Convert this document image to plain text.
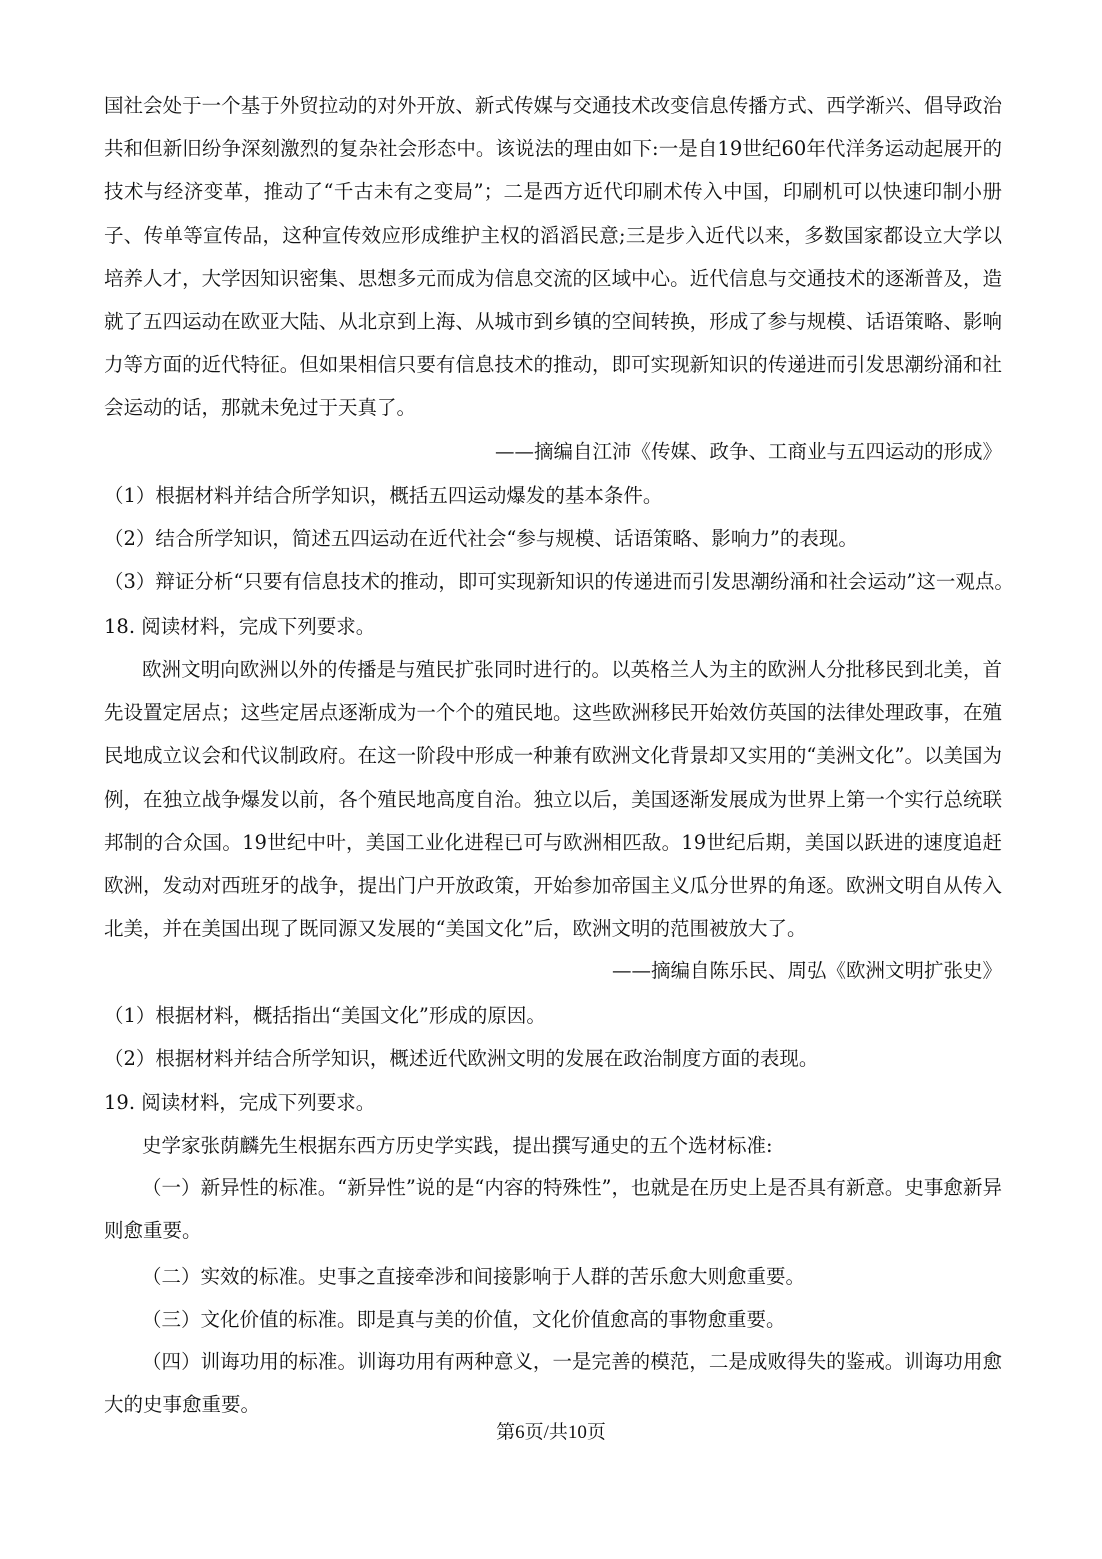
国社会处于一个基于外贸拉动的对外开放、新式传媒与交通技术改变信息传播方式、西学渐兴、倡导政治共和但新旧纷争深刻激烈的复杂社会形态中。该说法的理由如下:一是自19世纪60年代洋务运动起展开的技术与经济变革，推动了“千古未有之变局”；二是西方近代印刷术传入中国，印刷机可以快速印制小册子、传单等宣传品，这种宣传效应形成维护主权的滔滔民意;三是步入近代以来，多数国家都设立大学以培养人才，大学因知识密集、思想多元而成为信息交流的区域中心。近代信息与交通技术的逐渐普及，造就了五四运动在欧亚大陆、从北京到上海、从城市到乡镇的空间转换，形成了参与规模、话语策略、影响力等方面的近代特征。但如果相信只要有信息技术的推动，即可实现新知识的传递进而引发思潮纷涌和社会运动的话，那就未免过于天真了。

——摘编自江沛《传媒、政争、工商业与五四运动的形成》

（1）根据材料并结合所学知识，概括五四运动爆发的基本条件。

（2）结合所学知识，简述五四运动在近代社会“参与规模、话语策略、影响力”的表现。

（3）辩证分析“只要有信息技术的推动，即可实现新知识的传递进而引发思潮纷涌和社会运动”这一观点。

18. 阅读材料，完成下列要求。

欧洲文明向欧洲以外的传播是与殖民扩张同时进行的。以英格兰人为主的欧洲人分批移民到北美，首先设置定居点；这些定居点逐渐成为一个个的殖民地。这些欧洲移民开始效仿英国的法律处理政事，在殖民地成立议会和代议制政府。在这一阶段中形成一种兼有欧洲文化背景却又实用的“美洲文化”。以美国为例，在独立战争爆发以前，各个殖民地高度自治。独立以后，美国逐渐发展成为世界上第一个实行总统联邦制的合众国。19世纪中叶，美国工业化进程已可与欧洲相匹敌。19世纪后期，美国以跃进的速度追赶欧洲，发动对西班牙的战争，提出门户开放政策，开始参加帝国主义瓜分世界的角逐。欧洲文明自从传入北美，并在美国出现了既同源又发展的“美国文化”后，欧洲文明的范围被放大了。

——摘编自陈乐民、周弘《欧洲文明扩张史》

（1）根据材料，概括指出“美国文化”形成的原因。

（2）根据材料并结合所学知识，概述近代欧洲文明的发展在政治制度方面的表现。

19. 阅读材料，完成下列要求。

史学家张荫麟先生根据东西方历史学实践，提出撰写通史的五个选材标准:

（一）新异性的标准。“新异性”说的是“内容的特殊性”，也就是在历史上是否具有新意。史事愈新异则愈重要。

（二）实效的标准。史事之直接牵涉和间接影响于人群的苦乐愈大则愈重要。

（三）文化价值的标准。即是真与美的价值，文化价值愈高的事物愈重要。

（四）训诲功用的标准。训诲功用有两种意义，一是完善的模范，二是成败得失的鉴戒。训诲功用愈大的史事愈重要。

第6页/共10页
